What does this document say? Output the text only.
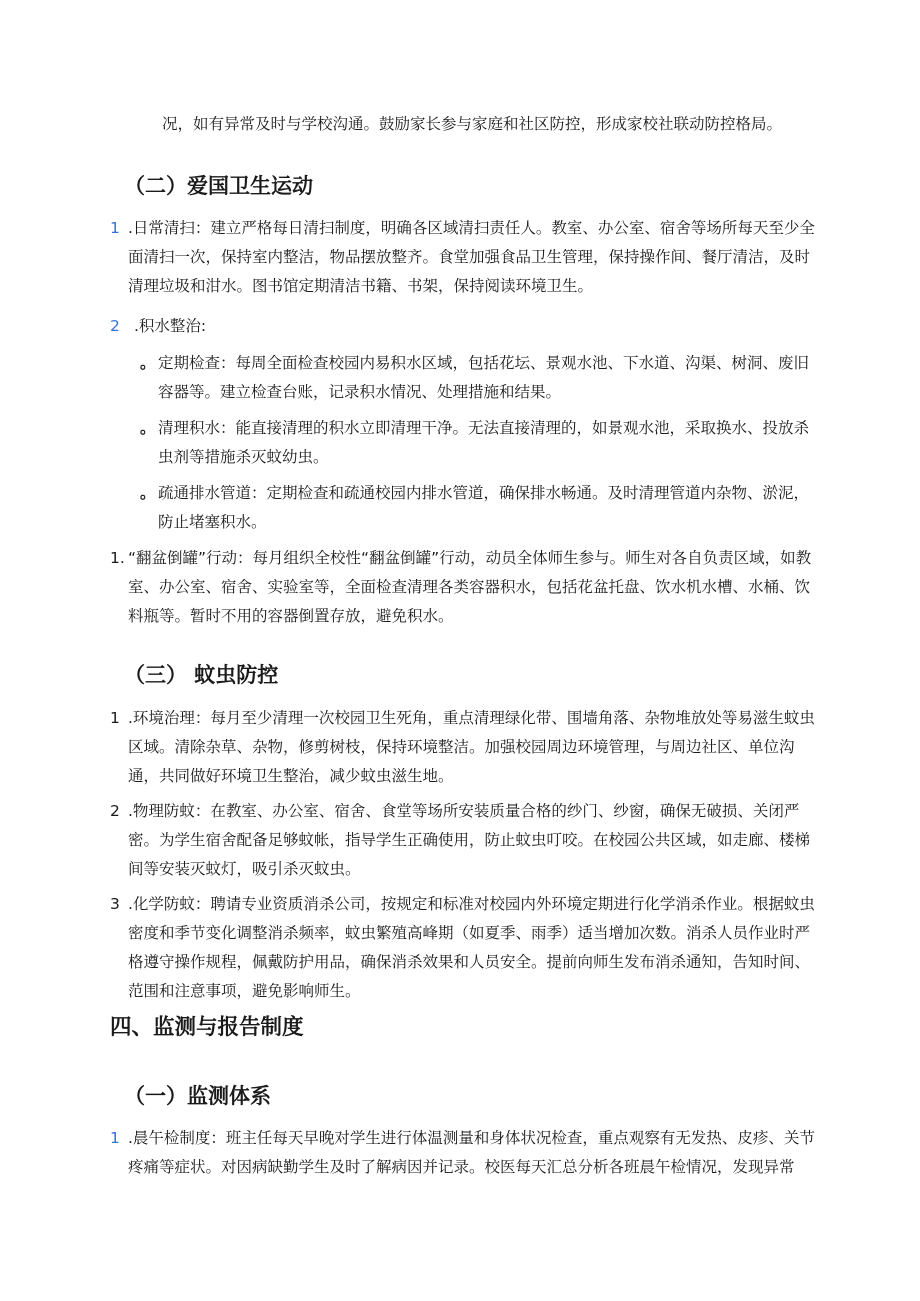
况，如有异常及时与学校沟通。鼓励家长参与家庭和社区防控，形成家校社联动防控格局。

（二）爱国卫生运动
1 .日常清扫：建立严格每日清扫制度，明确各区域清扫责任人。教室、办公室、宿舍等场所每天至少全面清扫一次，保持室内整洁，物品摆放整齐。食堂加强食品卫生管理，保持操作间、餐厅清洁，及时清理垃圾和泔水。图书馆定期清洁书籍、书架，保持阅读环境卫生。

2 .积水整治:

。 定期检查：每周全面检查校园内易积水区域，包括花坛、景观水池、下水道、沟渠、树洞、废旧容器等。建立检查台账，记录积水情况、处理措施和结果。

。 清理积水：能直接清理的积水立即清理干净。无法直接清理的，如景观水池，采取换水、投放杀虫剂等措施杀灭蚊幼虫。

。 疏通排水管道：定期检查和疏通校园内排水管道，确保排水畅通。及时清理管道内杂物、淤泥，防止堵塞积水。

1. “翻盆倒罐”行动：每月组织全校性“翻盆倒罐”行动，动员全体师生参与。师生对各自负责区域，如教室、办公室、宿舍、实验室等，全面检查清理各类容器积水，包括花盆托盘、饮水机水槽、水桶、饮料瓶等。暂时不用的容器倒置存放，避免积水。

（三） 蚊虫防控
1 .环境治理：每月至少清理一次校园卫生死角，重点清理绿化带、围墙角落、杂物堆放处等易滋生蚊虫区域。清除杂草、杂物，修剪树枝，保持环境整洁。加强校园周边环境管理，与周边社区、单位沟通，共同做好环境卫生整治，减少蚊虫滋生地。

2 .物理防蚊：在教室、办公室、宿舍、食堂等场所安装质量合格的纱门、纱窗，确保无破损、关闭严密。为学生宿舍配备足够蚊帐，指导学生正确使用，防止蚊虫叮咬。在校园公共区域，如走廊、楼梯间等安装灭蚊灯，吸引杀灭蚊虫。

3 .化学防蚊：聘请专业资质消杀公司，按规定和标准对校园内外环境定期进行化学消杀作业。根据蚊虫密度和季节变化调整消杀频率，蚊虫繁殖高峰期（如夏季、雨季）适当增加次数。消杀人员作业时严格遵守操作规程，佩戴防护用品，确保消杀效果和人员安全。提前向师生发布消杀通知，告知时间、范围和注意事项，避免影响师生。

四、监测与报告制度
（一）监测体系
1 .晨午检制度：班主任每天早晚对学生进行体温测量和身体状况检查，重点观察有无发热、皮疹、关节疼痛等症状。对因病缺勤学生及时了解病因并记录。校医每天汇总分析各班晨午检情况，发现异常
